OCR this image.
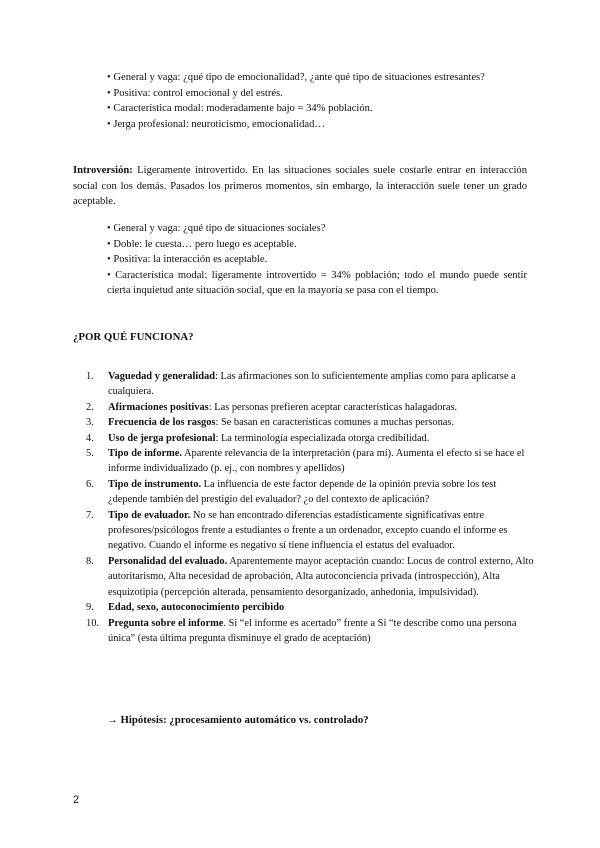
• General y vaga: ¿qué tipo de emocionalidad?, ¿ante qué tipo de situaciones estresantes?
• Positiva: control emocional y del estrés.
• Característica modal: moderadamente bajo = 34% población.
• Jerga profesional: neuroticismo, emocionalidad…
Introversión: Ligeramente introvertido. En las situaciones sociales suele costarle entrar en interacción social con los demás. Pasados los primeros momentos, sin embargo, la interacción suele tener un grado aceptable.
• General y vaga: ¿qué tipo de situaciones sociales?
• Doble: le cuesta… pero luego es aceptable.
• Positiva: la interacción es aceptable.
• Característica modal: ligeramente introvertido = 34% población; todo el mundo puede sentir cierta inquietud ante situación social, que en la mayoría se pasa con el tiempo.
¿POR QUÉ FUNCIONA?
1. Vaguedad y generalidad: Las afirmaciones son lo suficientemente amplias como para aplicarse a cualquiera.
2. Afirmaciones positivas: Las personas prefieren aceptar características halagadoras.
3. Frecuencia de los rasgos: Se basan en características comunes a muchas personas.
4. Uso de jerga profesional: La terminología especializada otorga credibilidad.
5. Tipo de informe. Aparente relevancia de la interpretación (para mí). Aumenta el efecto si se hace el informe individualizado (p. ej., con nombres y apellidos)
6. Tipo de instrumento. La influencia de este factor depende de la opinión previa sobre los test ¿depende también del prestigio del evaluador? ¿o del contexto de aplicación?
7. Tipo de evaluador. No se han encontrado diferencias estadísticamente significativas entre profesores/psicólogos frente a estudiantes o frente a un ordenador, excepto cuando el informe es negativo. Cuando el informe es negativo sí tiene influencia el estatus del evaluador.
8. Personalidad del evaluado. Aparentemente mayor aceptación cuando: Locus de control externo, Alto autoritarismo, Alta necesidad de aprobación, Alta autoconciencia privada (introspección), Alta esquizotipia (percepción alterada, pensamiento desorganizado, anhedonia, impulsividad).
9. Edad, sexo, autoconocimiento percibido
10. Pregunta sobre el informe. Si “el informe es acertado” frente a Si “te describe como una persona única” (esta última pregunta disminuye el grado de aceptación)
→ Hipótesis: ¿procesamiento automático vs. controlado?
2
